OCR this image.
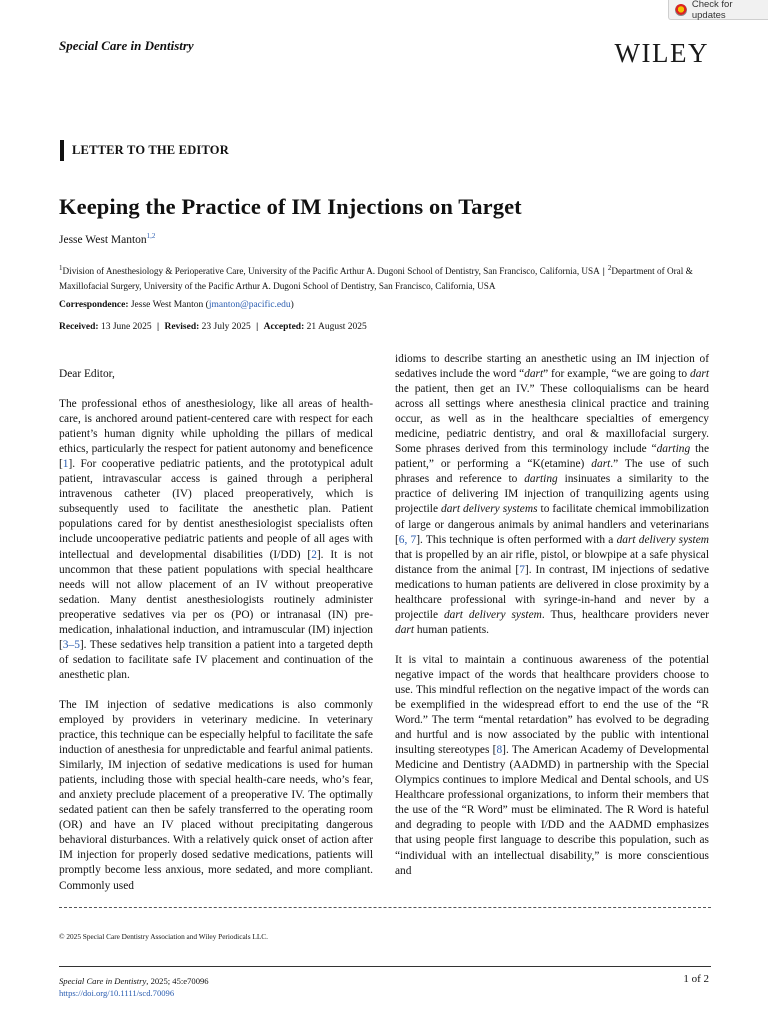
Check for updates
Special Care in Dentistry	WILEY
LETTER TO THE EDITOR
Keeping the Practice of IM Injections on Target
Jesse West Manton$^{1,2}$
$^1$Division of Anesthesiology & Perioperative Care, University of the Pacific Arthur A. Dugoni School of Dentistry, San Francisco, California, USA | $^2$Department of Oral & Maxillofacial Surgery, University of the Pacific Arthur A. Dugoni School of Dentistry, San Francisco, California, USA
Correspondence: Jesse West Manton (jmanton@pacific.edu)
Received: 13 June 2025 | Revised: 23 July 2025 | Accepted: 21 August 2025

Dear Editor,

The professional ethos of anesthesiology, like all areas of health-care, is anchored around patient-centered care with respect for each patient’s human dignity while upholding the pillars of medical ethics, particularly the respect for patient autonomy and beneficence [1]. For cooperative pediatric patients, and the prototypical adult patient, intravascular access is gained through a peripheral intravenous catheter (IV) placed preoperatively, which is subsequently used to facilitate the anesthetic plan. Patient populations cared for by dentist anesthesiologist specialists often include uncooperative pediatric patients and people of all ages with intellectual and developmental disabilities (I/DD) [2]. It is not uncommon that these patient populations with special healthcare needs will not allow placement of an IV without preoperative sedation. Many dentist anesthesiologists routinely administer preoperative sedatives via per os (PO) or intranasal (IN) pre-medication, inhalational induction, and intramuscular (IM) injection [3–5]. These sedatives help transition a patient into a targeted depth of sedation to facilitate safe IV placement and continuation of the anesthetic plan.

The IM injection of sedative medications is also commonly employed by providers in veterinary medicine. In veterinary practice, this technique can be especially helpful to facilitate the safe induction of anesthesia for unpredictable and fearful animal patients. Similarly, IM injection of sedative medications is used for human patients, including those with special health-care needs, who’s fear, and anxiety preclude placement of a preoperative IV. The optimally sedated patient can then be safely transferred to the operating room (OR) and have an IV placed without precipitating dangerous behavioral disturbances. With a relatively quick onset of action after IM injection for properly dosed sedative medications, patients will promptly become less anxious, more sedated, and more compliant. Commonly used

idioms to describe starting an anesthetic using an IM injection of sedatives include the word “dart” for example, “we are going to dart the patient, then get an IV.” These colloquialisms can be heard across all settings where anesthesia clinical practice and training occur, as well as in the healthcare specialties of emergency medicine, pediatric dentistry, and oral & maxillofacial surgery. Some phrases derived from this terminology include “darting the patient,” or performing a “K(etamine) dart.” The use of such phrases and reference to darting insinuates a similarity to the practice of delivering IM injection of tranquilizing agents using projectile dart delivery systems to facilitate chemical immobilization of large or dangerous animals by animal handlers and veterinarians [6, 7]. This technique is often performed with a dart delivery system that is propelled by an air rifle, pistol, or blowpipe at a safe physical distance from the animal [7]. In contrast, IM injections of sedative medications to human patients are delivered in close proximity by a healthcare professional with syringe-in-hand and never by a projectile dart delivery system. Thus, healthcare providers never dart human patients.

It is vital to maintain a continuous awareness of the potential negative impact of the words that healthcare providers choose to use. This mindful reflection on the negative impact of the words can be exemplified in the widespread effort to end the use of the “R Word.” The term “mental retardation” has evolved to be degrading and hurtful and is now associated by the public with intentional insulting stereotypes [8]. The American Academy of Developmental Medicine and Dentistry (AADMD) in partnership with the Special Olympics continues to implore Medical and Dental schools, and US Healthcare professional organizations, to inform their members that the use of the “R Word” must be eliminated. The R Word is hateful and degrading to people with I/DD and the AADMD emphasizes that using people first language to describe this population, such as “individual with an intellectual disability,” is more conscientious and

© 2025 Special Care Dentistry Association and Wiley Periodicals LLC.
Special Care in Dentistry, 2025; 45:e70096
https://doi.org/10.1111/scd.70096
1 of 2
